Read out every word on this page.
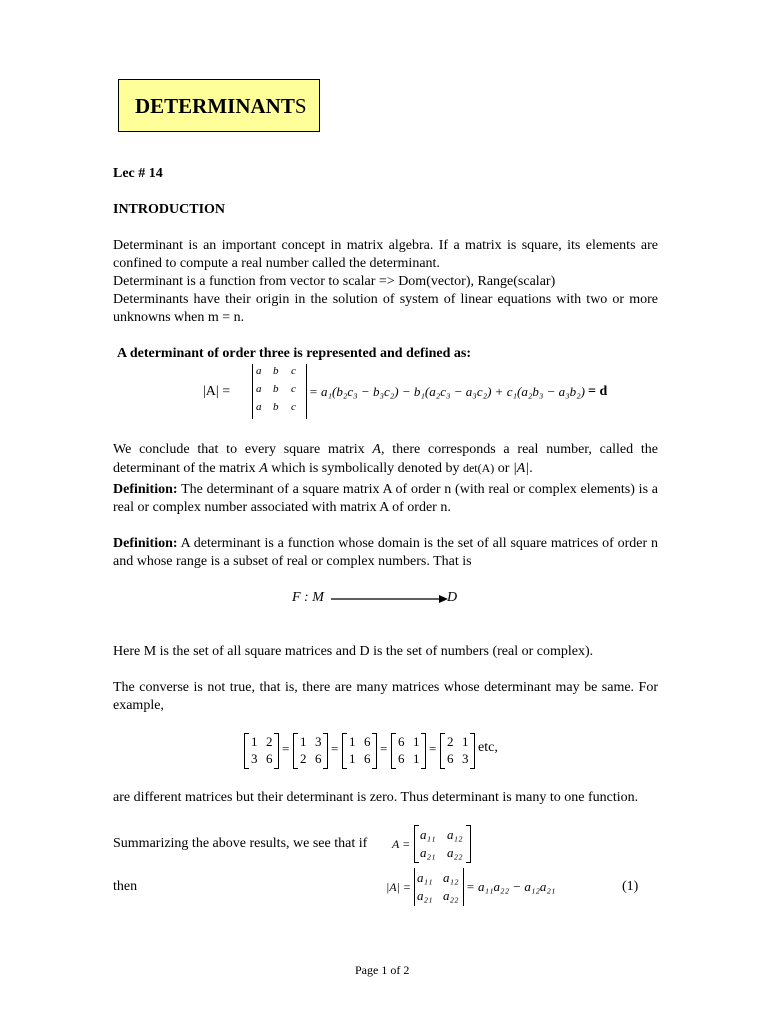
DETERMINANTS
Lec # 14
INTRODUCTION

Determinant is an important concept in matrix algebra. If a matrix is square, its elements are confined to compute a real number called the determinant.

Determinant is a function from vector to scalar => Dom(vector), Range(scalar)

Determinants have their origin in the solution of system of linear equations with two or more unknowns when m = n.

A determinant of order three is represented and defined as:
|A| =
a b c
a b c
a b c
= a₁(b₂c₃ − b₃c₂) − b₁(a₂c₃ − a₃c₂) + c₁(a₂b₃ − a₃b₂) = d

We conclude that to every square matrix A, there corresponds a real number, called the determinant of the matrix A which is symbolically denoted by det(A) or |A|.

Definition: The determinant of a square matrix A of order n (with real or complex elements) is a real or complex number associated with matrix A of order n.

Definition: A determinant is a function whose domain is the set of all square matrices of order n and whose range is a subset of real or complex numbers. That is

F : M	D
Here M is the set of all square matrices and D is the set of numbers (real or complex).

The converse is not true, that is, there are many matrices whose determinant may be same. For example,

1 2
3 6
= 1 3
2 6
= 1 6
1 6
= 6 1
6 1
= 2 1
6 3
etc,

are different matrices but their determinant is zero. Thus determinant is many to one function.

Summarizing the above results, we see that if A =
a₁₁ a₁₂
a₂₁ a₂₂
then	|A| =
a₁₁ a₁₂
a₂₁ a₂₂
= a₁₁a₂₂ − a₁₂a₂₁	(1)
Page 1 of 2
